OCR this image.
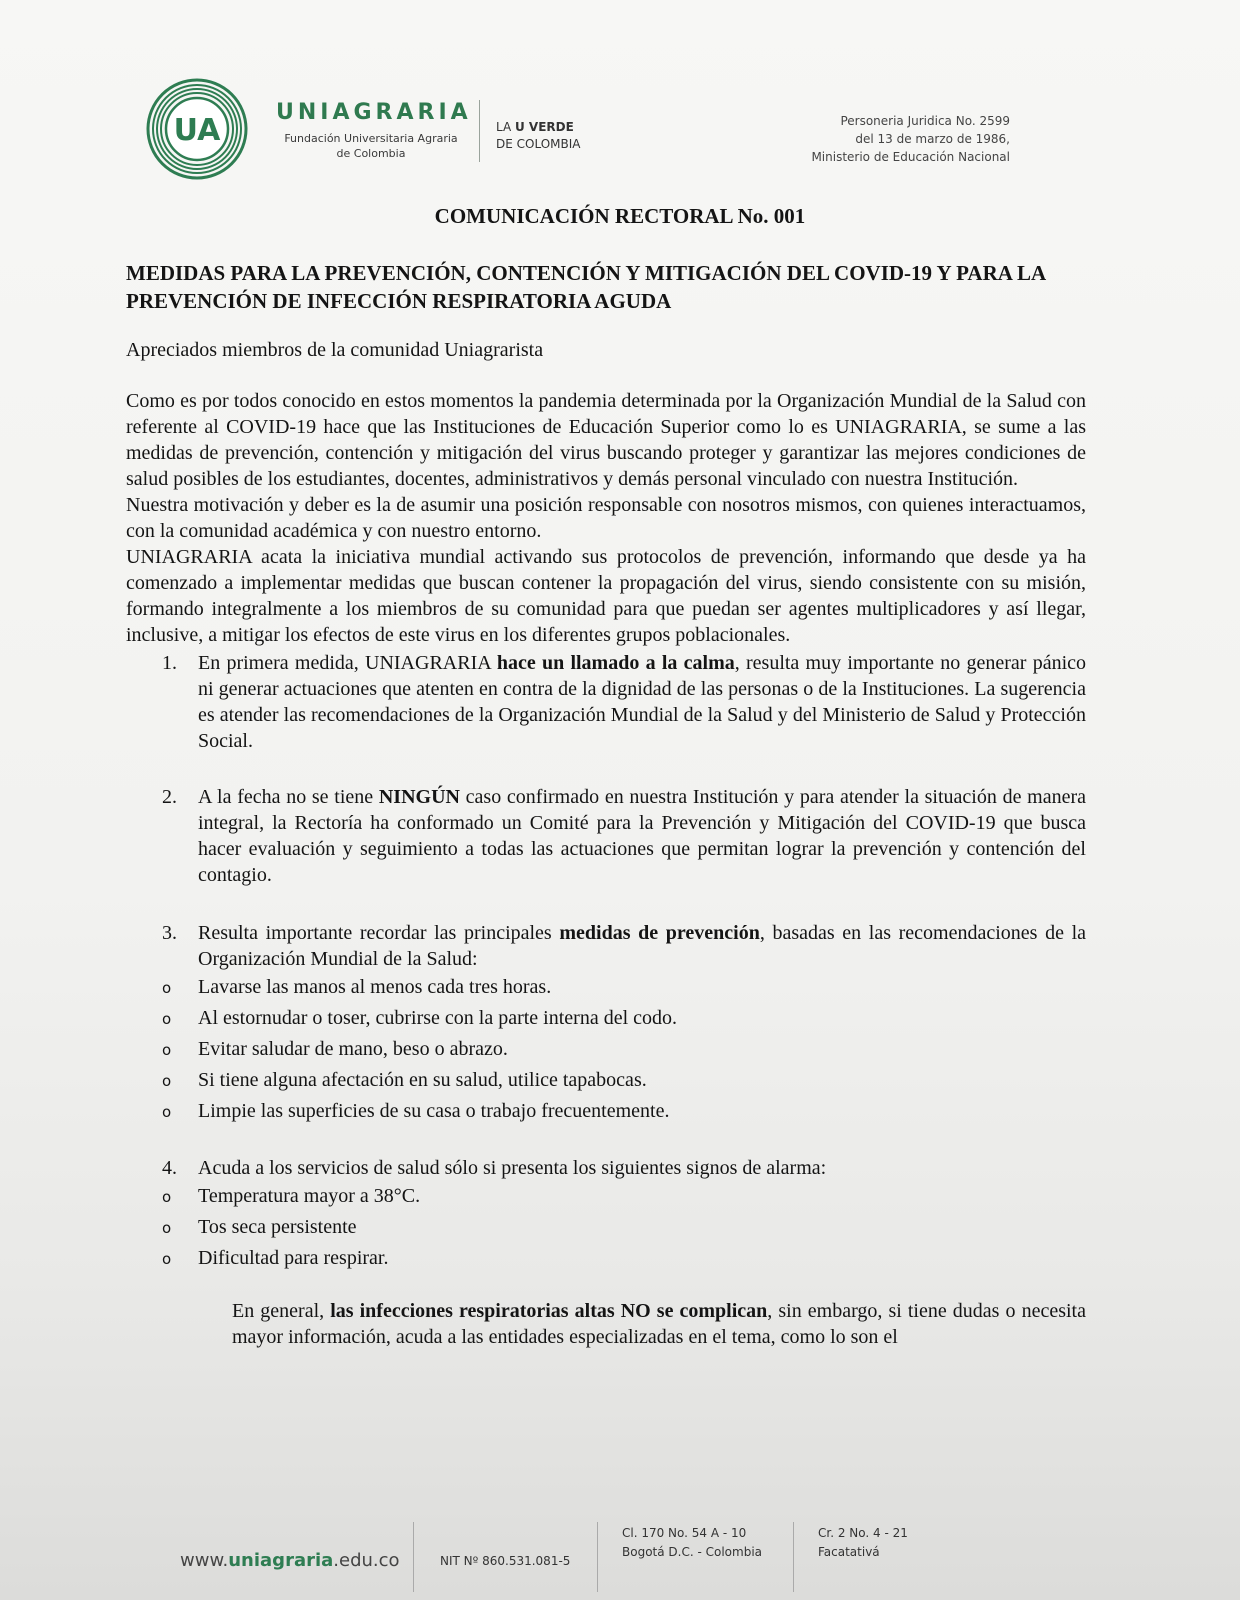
UA
UNIAGRARIA
Fundación Universitaria Agraria
de Colombia
LA U VERDE
DE COLOMBIA
Personeria Juridica No. 2599
del 13 de marzo de 1986,
Ministerio de Educación Nacional
COMUNICACIÓN RECTORAL No. 001
MEDIDAS PARA LA PREVENCIÓN, CONTENCIÓN Y MITIGACIÓN DEL COVID-19 Y PARA LA PREVENCIÓN DE INFECCIÓN RESPIRATORIA AGUDA

Apreciados miembros de la comunidad Uniagrarista

Como es por todos conocido en estos momentos la pandemia determinada por la Organización Mundial de la Salud con referente al COVID-19 hace que las Instituciones de Educación Superior como lo es UNIAGRARIA, se sume a las medidas de prevención, contención y mitigación del virus buscando proteger y garantizar las mejores condiciones de salud posibles de los estudiantes, docentes, administrativos y demás personal vinculado con nuestra Institución.

Nuestra motivación y deber es la de asumir una posición responsable con nosotros mismos, con quienes interactuamos, con la comunidad académica y con nuestro entorno.

UNIAGRARIA acata la iniciativa mundial activando sus protocolos de prevención, informando que desde ya ha comenzado a implementar medidas que buscan contener la propagación del virus, siendo consistente con su misión, formando integralmente a los miembros de su comunidad para que puedan ser agentes multiplicadores y así llegar, inclusive, a mitigar los efectos de este virus en los diferentes grupos poblacionales.

1. En primera medida, UNIAGRARIA hace un llamado a la calma, resulta muy importante no generar pánico ni generar actuaciones que atenten en contra de la dignidad de las personas o de la Instituciones. La sugerencia es atender las recomendaciones de la Organización Mundial de la Salud y del Ministerio de Salud y Protección Social.
2. A la fecha no se tiene NINGÚN caso confirmado en nuestra Institución y para atender la situación de manera integral, la Rectoría ha conformado un Comité para la Prevención y Mitigación del COVID-19 que busca hacer evaluación y seguimiento a todas las actuaciones que permitan lograr la prevención y contención del contagio.
3. Resulta importante recordar las principales medidas de prevención, basadas en las recomendaciones de la Organización Mundial de la Salud:
o Lavarse las manos al menos cada tres horas.
o Al estornudar o toser, cubrirse con la parte interna del codo.
o Evitar saludar de mano, beso o abrazo.
o Si tiene alguna afectación en su salud, utilice tapabocas.
o Limpie las superficies de su casa o trabajo frecuentemente.
4. Acuda a los servicios de salud sólo si presenta los siguientes signos de alarma:
o Temperatura mayor a 38°C.
o Tos seca persistente
o Dificultad para respirar.

En general, las infecciones respiratorias altas NO se complican, sin embargo, si tiene dudas o necesita mayor información, acuda a las entidades especializadas en el tema, como lo son el

www.uniagraria.edu.co	NIT Nº 860.531.081-5
Cl. 170 No. 54 A - 10
Bogotá D.C. - Colombia
Cr. 2 No. 4 - 21
Facatativá
